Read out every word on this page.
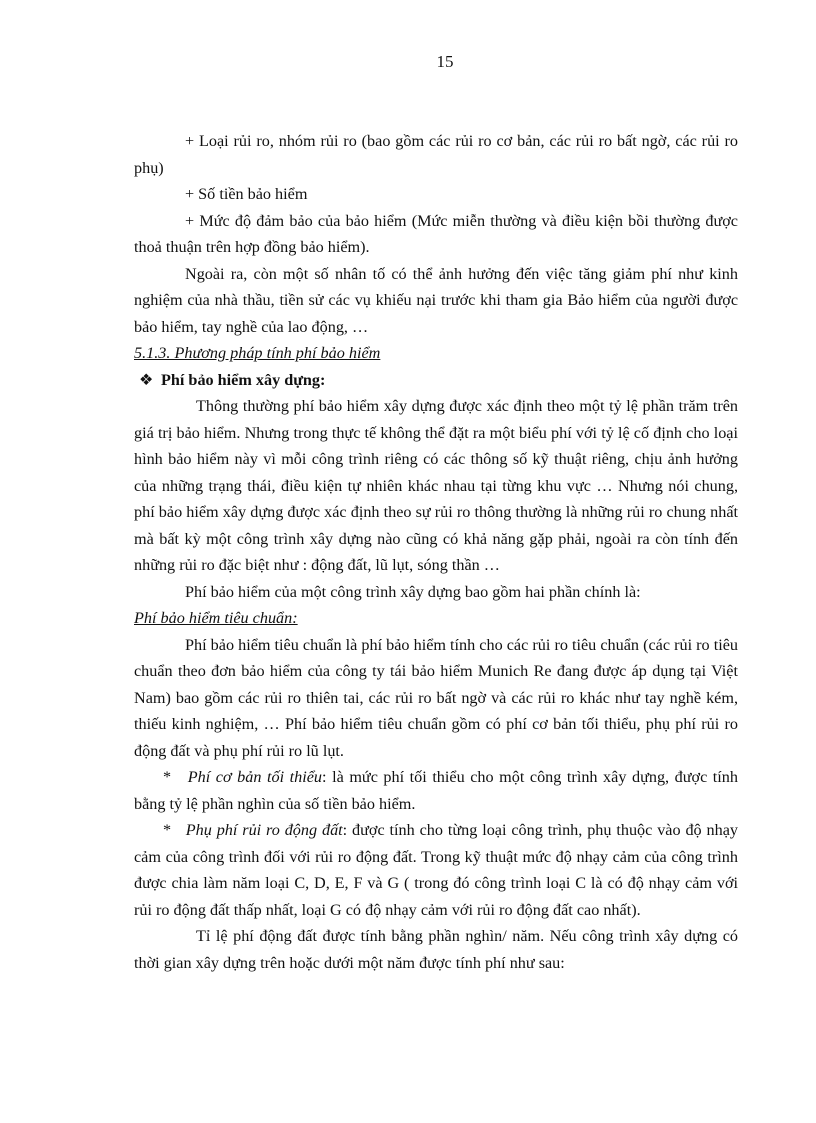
15

+ Loại rủi ro, nhóm rủi ro (bao gồm các rủi ro cơ bản, các rủi ro bất ngờ, các rủi ro phụ)

+ Số tiền bảo hiểm

+ Mức độ đảm bảo của bảo hiểm (Mức miễn thường và điều kiện bồi thường được thoả thuận trên hợp đồng bảo hiểm).

Ngoài ra, còn một số nhân tố có thể ảnh hưởng đến việc tăng giảm phí như kinh nghiệm của nhà thầu, tiền sử các vụ khiếu nại trước khi tham gia Bảo hiểm của người được bảo hiểm, tay nghề của lao động, …

5.1.3. Phương pháp tính phí bảo hiểm

❖ Phí bảo hiểm xây dựng:

Thông thường phí bảo hiểm xây dựng được xác định theo một tỷ lệ phần trăm trên giá trị bảo hiểm. Nhưng trong thực tế không thể đặt ra một biểu phí với tỷ lệ cố định cho loại hình bảo hiểm này vì mỗi công trình riêng có các thông số kỹ thuật riêng, chịu ảnh hưởng của những trạng thái, điều kiện tự nhiên khác nhau tại từng khu vực … Nhưng nói chung, phí bảo hiểm xây dựng được xác định theo sự rủi ro thông thường là những rủi ro chung nhất mà bất kỳ một công trình xây dựng nào cũng có khả năng gặp phải, ngoài ra còn tính đến những rủi ro đặc biệt như : động đất, lũ lụt, sóng thần …

Phí bảo hiểm của một công trình xây dựng bao gồm hai phần chính là:

Phí bảo hiểm tiêu chuẩn:

Phí bảo hiểm tiêu chuẩn là phí bảo hiểm tính cho các rủi ro tiêu chuẩn (các rủi ro tiêu chuẩn theo đơn bảo hiểm của công ty tái bảo hiểm Munich Re đang được áp dụng tại Việt Nam) bao gồm các rủi ro thiên tai, các rủi ro bất ngờ và các rủi ro khác như tay nghề kém, thiếu kinh nghiệm, … Phí bảo hiểm tiêu chuẩn gồm có phí cơ bản tối thiểu, phụ phí rủi ro động đất và phụ phí rủi ro lũ lụt.

* Phí cơ bản tối thiểu: là mức phí tối thiểu cho một công trình xây dựng, được tính bằng tỷ lệ phần nghìn của số tiền bảo hiểm.

* Phụ phí rủi ro động đất: được tính cho từng loại công trình, phụ thuộc vào độ nhạy cảm của công trình đối với rủi ro động đất. Trong kỹ thuật mức độ nhạy cảm của công trình được chia làm năm loại C, D, E, F và G ( trong đó công trình loại C là có độ nhạy cảm với rủi ro động đất thấp nhất, loại G có độ nhạy cảm với rủi ro động đất cao nhất).

Tỉ lệ phí động đất được tính bằng phần nghìn/ năm. Nếu công trình xây dựng có thời gian xây dựng trên hoặc dưới một năm được tính phí như sau:
